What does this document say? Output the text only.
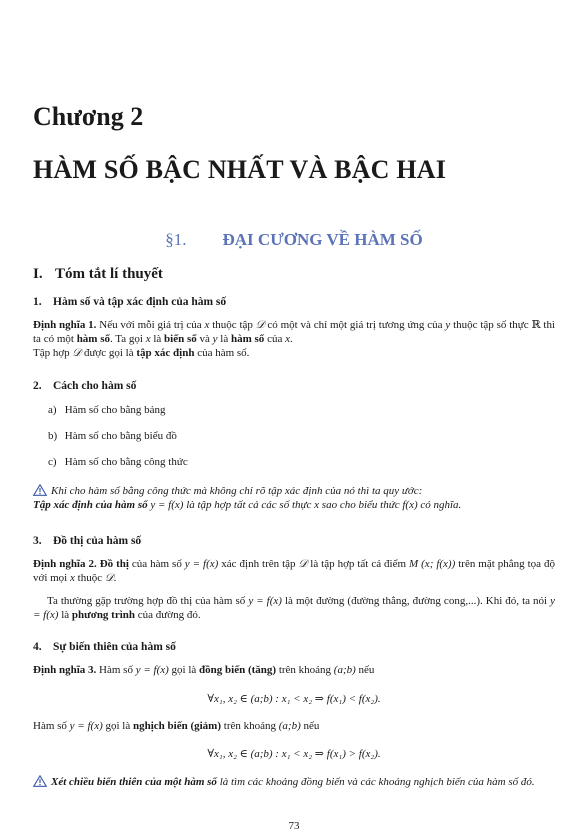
Chương 2
HÀM SỐ BẬC NHẤT VÀ BẬC HAI
§1. ĐẠI CƯƠNG VỀ HÀM SỐ
I. Tóm tắt lí thuyết
1. Hàm số và tập xác định của hàm số
Định nghĩa 1. Nếu với mỗi giá trị của x thuộc tập 𝒟 có một và chỉ một giá trị tương ứng của y thuộc tập số thực ℝ thì ta có một hàm số. Ta gọi x là biến số và y là hàm số của x.
Tập hợp 𝒟 được gọi là tập xác định của hàm số.
2. Cách cho hàm số
a) Hàm số cho bằng bảng
b) Hàm số cho bằng biểu đồ
c) Hàm số cho bằng công thức
Khi cho hàm số bằng công thức mà không chỉ rõ tập xác định của nó thì ta quy ước:
Tập xác định của hàm số y = f(x) là tập hợp tất cả các số thực x sao cho biểu thức f(x) có nghĩa.
3. Đồ thị của hàm số
Định nghĩa 2. Đồ thị của hàm số y = f(x) xác định trên tập 𝒟 là tập hợp tất cả điểm M (x; f(x)) trên mặt phẳng tọa độ với mọi x thuộc 𝒟.
Ta thường gặp trường hợp đồ thị của hàm số y = f(x) là một đường (đường thẳng, đường cong,...). Khi đó, ta nói y = f(x) là phương trình của đường đó.
4. Sự biến thiên của hàm số
Định nghĩa 3. Hàm số y = f(x) gọi là đồng biến (tăng) trên khoảng (a;b) nếu
∀x₁, x₂ ∈ (a;b) : x₁ < x₂ ⇒ f(x₁) < f(x₂).
Hàm số y = f(x) gọi là nghịch biến (giảm) trên khoảng (a;b) nếu
∀x₁, x₂ ∈ (a;b) : x₁ < x₂ ⇒ f(x₁) > f(x₂).
Xét chiều biến thiên của một hàm số là tìm các khoảng đồng biến và các khoảng nghịch biến của hàm số đó.
73
